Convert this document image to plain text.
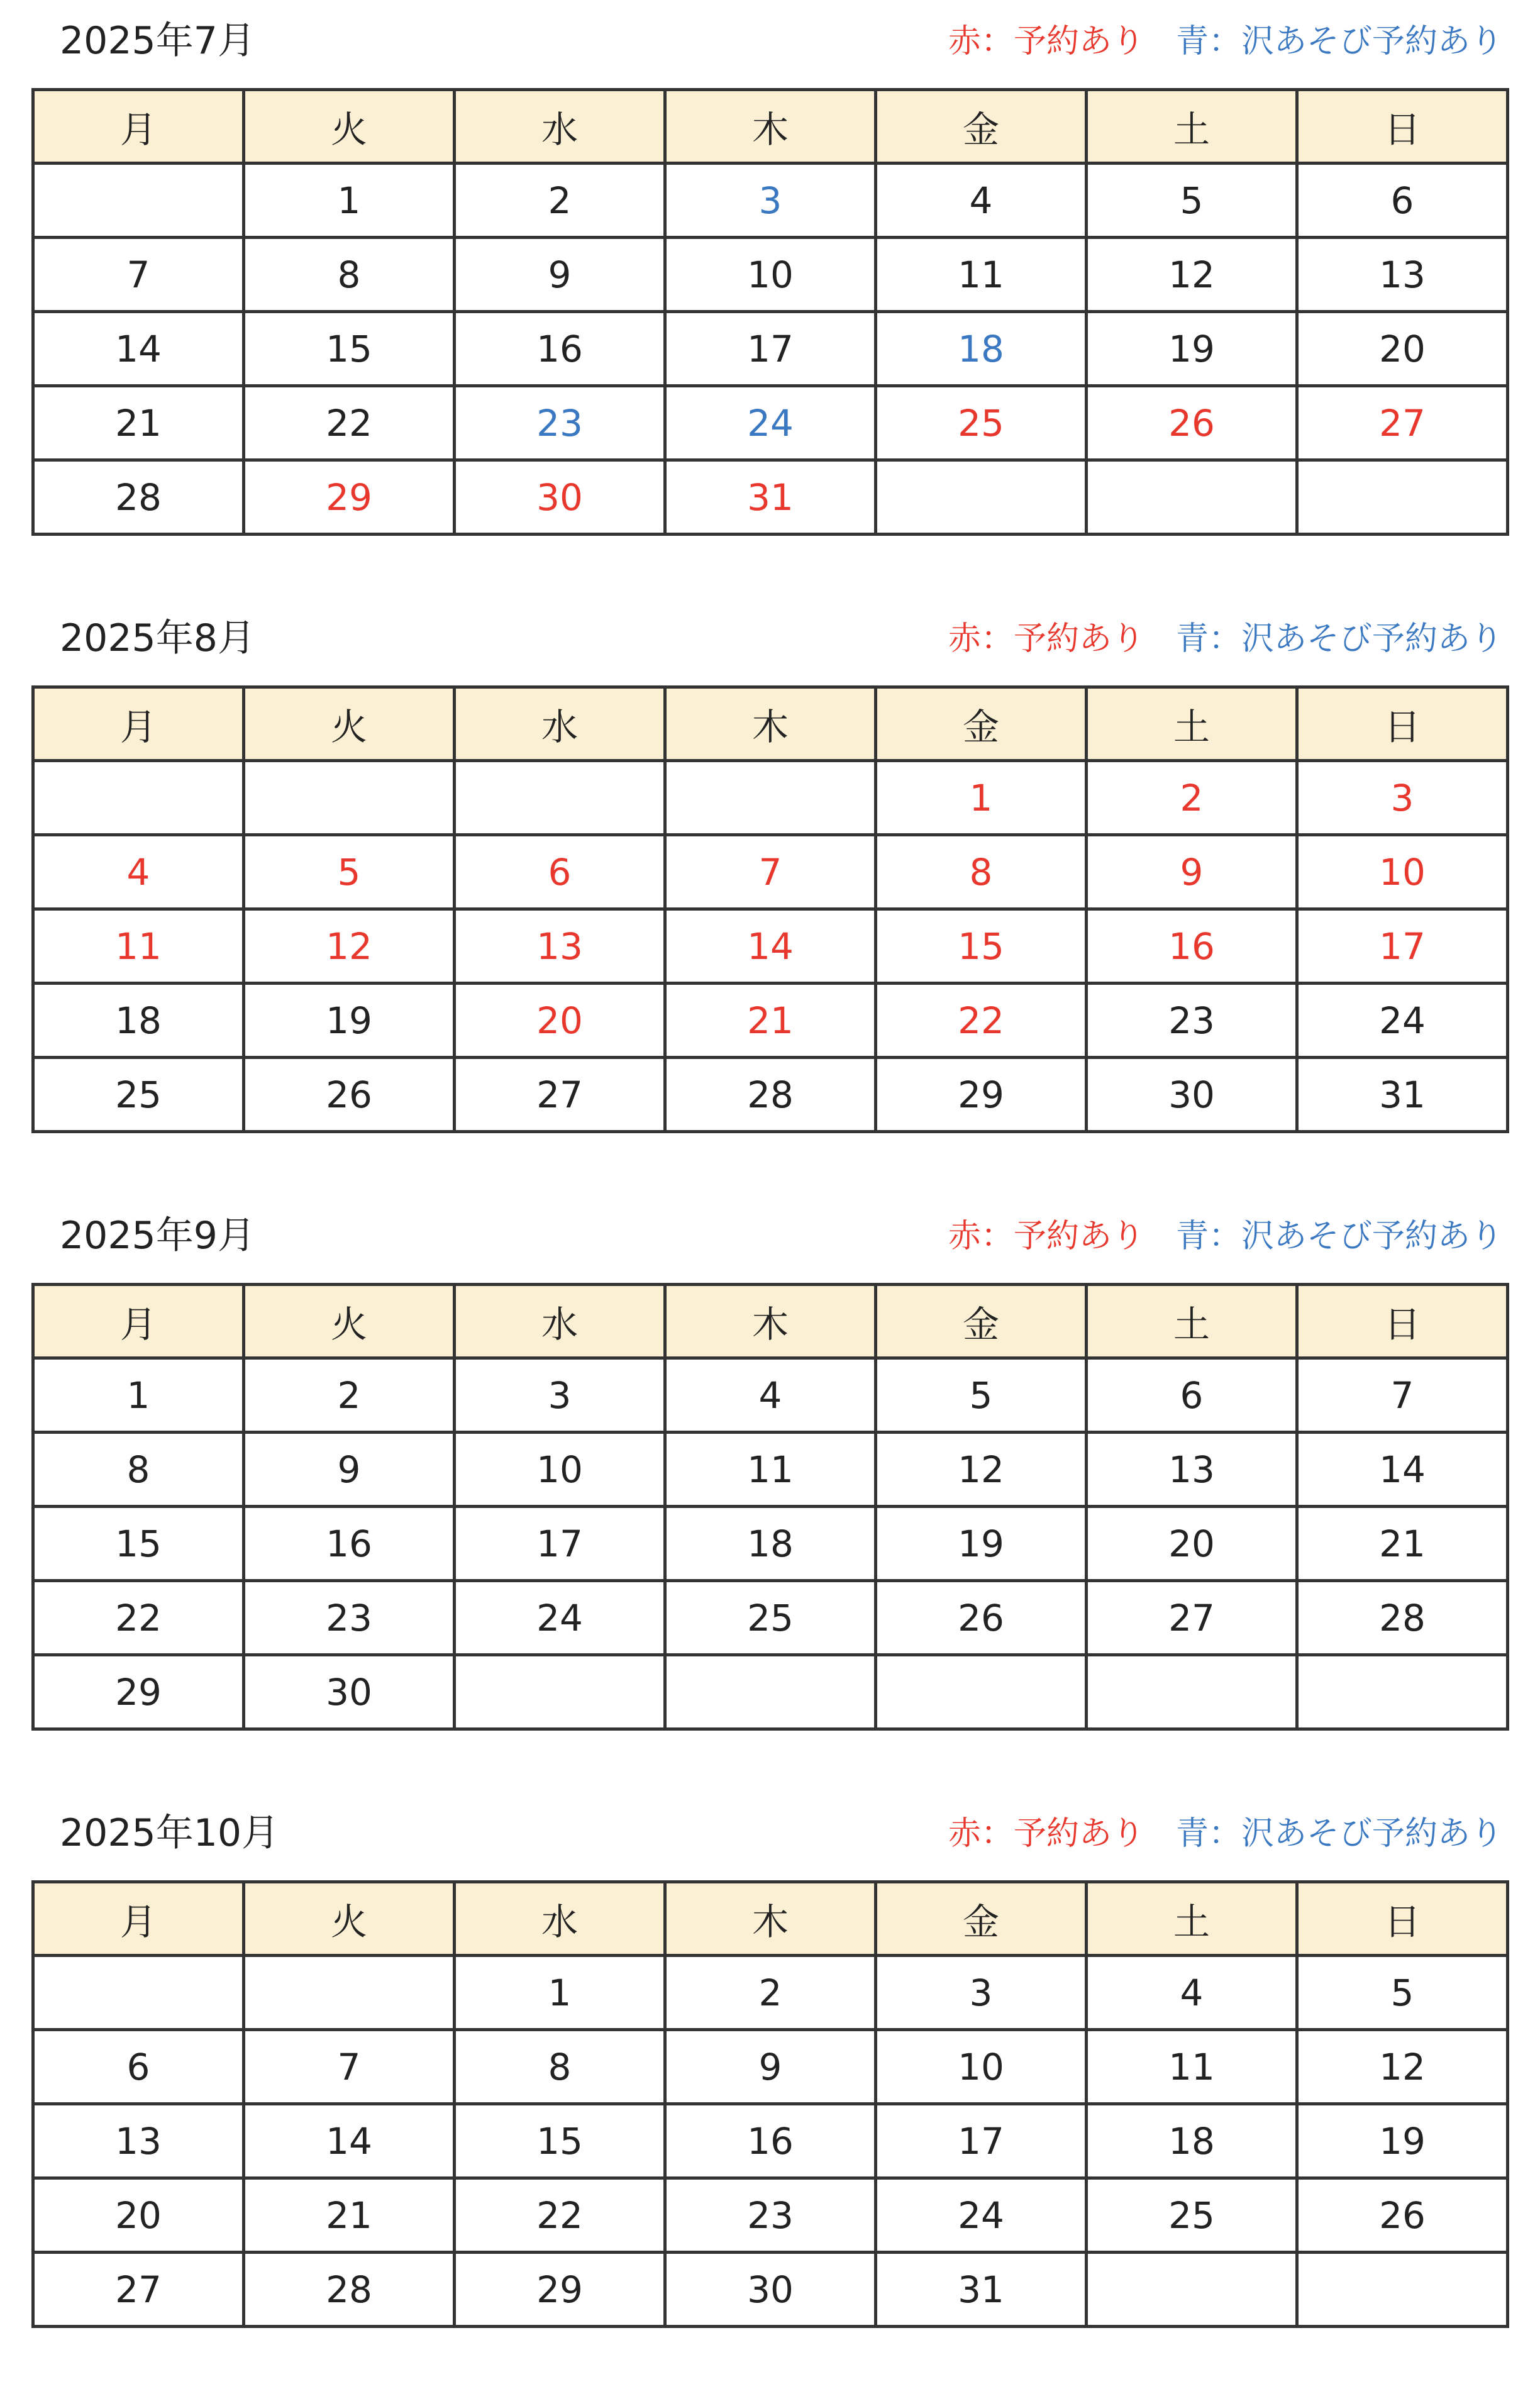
2025年7月	赤：予約あり 青：沢あそび予約あり
月	火	水	木	金	土	日
	1	2	3	4	5	6
7	8	9	10	11	12	13
14	15	16	17	18	19	20
21	22	23	24	25	26	27
28	29	30	31			
2025年8月	赤：予約あり 青：沢あそび予約あり
月	火	水	木	金	土	日
				1	2	3
4	5	6	7	8	9	10
11	12	13	14	15	16	17
18	19	20	21	22	23	24
25	26	27	28	29	30	31
2025年9月	赤：予約あり 青：沢あそび予約あり
月	火	水	木	金	土	日
1	2	3	4	5	6	7
8	9	10	11	12	13	14
15	16	17	18	19	20	21
22	23	24	25	26	27	28
29	30					
2025年10月	赤：予約あり 青：沢あそび予約あり
月	火	水	木	金	土	日
		1	2	3	4	5
6	7	8	9	10	11	12
13	14	15	16	17	18	19
20	21	22	23	24	25	26
27	28	29	30	31		
